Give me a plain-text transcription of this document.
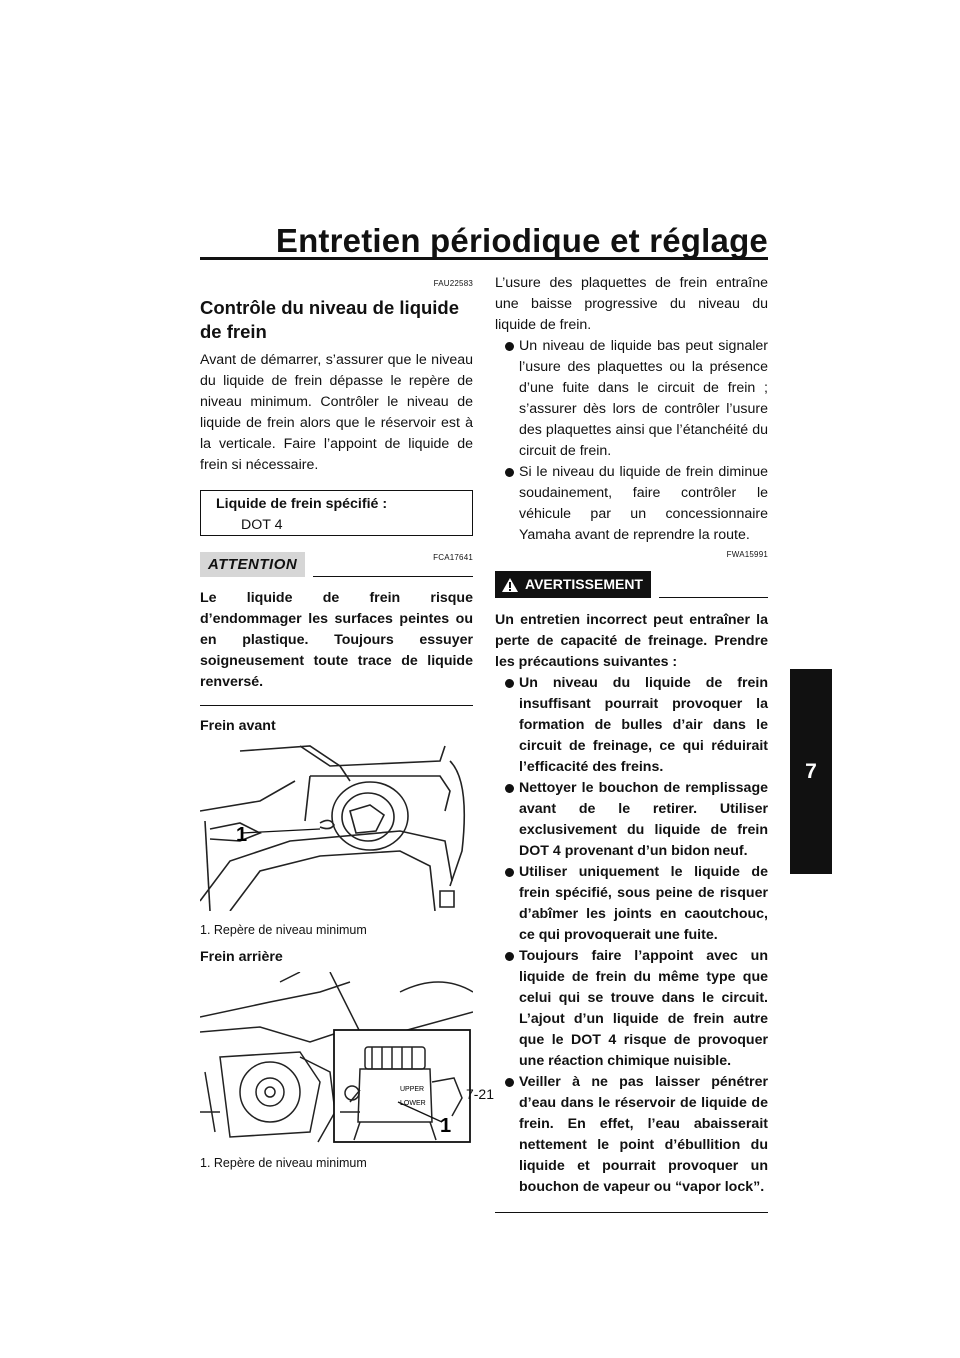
Entretien périodique et réglage
7
FAU22583
Contrôle du niveau de liquide de frein

Avant de démarrer, s’assurer que le niveau du liquide de frein dépasse le repère de niveau minimum. Contrôler le niveau de liquide de frein alors que le réservoir est à la verticale. Faire l’appoint de liquide de frein si nécessaire.

Liquide de frein spécifié :
DOT 4
ATTENTION	FCA17641
Le liquide de frein risque d’endommager les surfaces peintes ou en plastique. Toujours essuyer soigneusement toute trace de liquide renversé.
Frein avant
1
1. Repère de niveau minimum
Frein arrière
UPPER
LOWER
1
1. Repère de niveau minimum

L’usure des plaquettes de frein entraîne une baisse progressive du niveau du liquide de frein.

Un niveau de liquide bas peut signaler l’usure des plaquettes ou la présence d’une fuite dans le circuit de frein ; s’assurer dès lors de contrôler l’usure des plaquettes ainsi que l’étanchéité du circuit de frein.
Si le niveau du liquide de frein diminue soudainement, faire contrôler le véhicule par un concessionnaire Yamaha avant de reprendre la route.
FWA15991
AVERTISSEMENT
Un entretien incorrect peut entraîner la perte de capacité de freinage. Prendre les précautions suivantes :
Un niveau du liquide de frein insuffisant pourrait provoquer la formation de bulles d’air dans le circuit de freinage, ce qui réduirait l’efficacité des freins.
Nettoyer le bouchon de remplissage avant de le retirer. Utiliser exclusivement du liquide de frein DOT 4 provenant d’un bidon neuf.
Utiliser uniquement le liquide de frein spécifié, sous peine de risquer d’abîmer les joints en caoutchouc, ce qui provoquerait une fuite.
Toujours faire l’appoint avec un liquide de frein du même type que celui qui se trouve dans le circuit. L’ajout d’un liquide de frein autre que le DOT 4 risque de provoquer une réaction chimique nuisible.
Veiller à ne pas laisser pénétrer d’eau dans le réservoir de liquide de frein. En effet, l’eau abaisserait nettement le point d’ébullition du liquide et pourrait provoquer un bouchon de vapeur ou “vapor lock”.
7-21
